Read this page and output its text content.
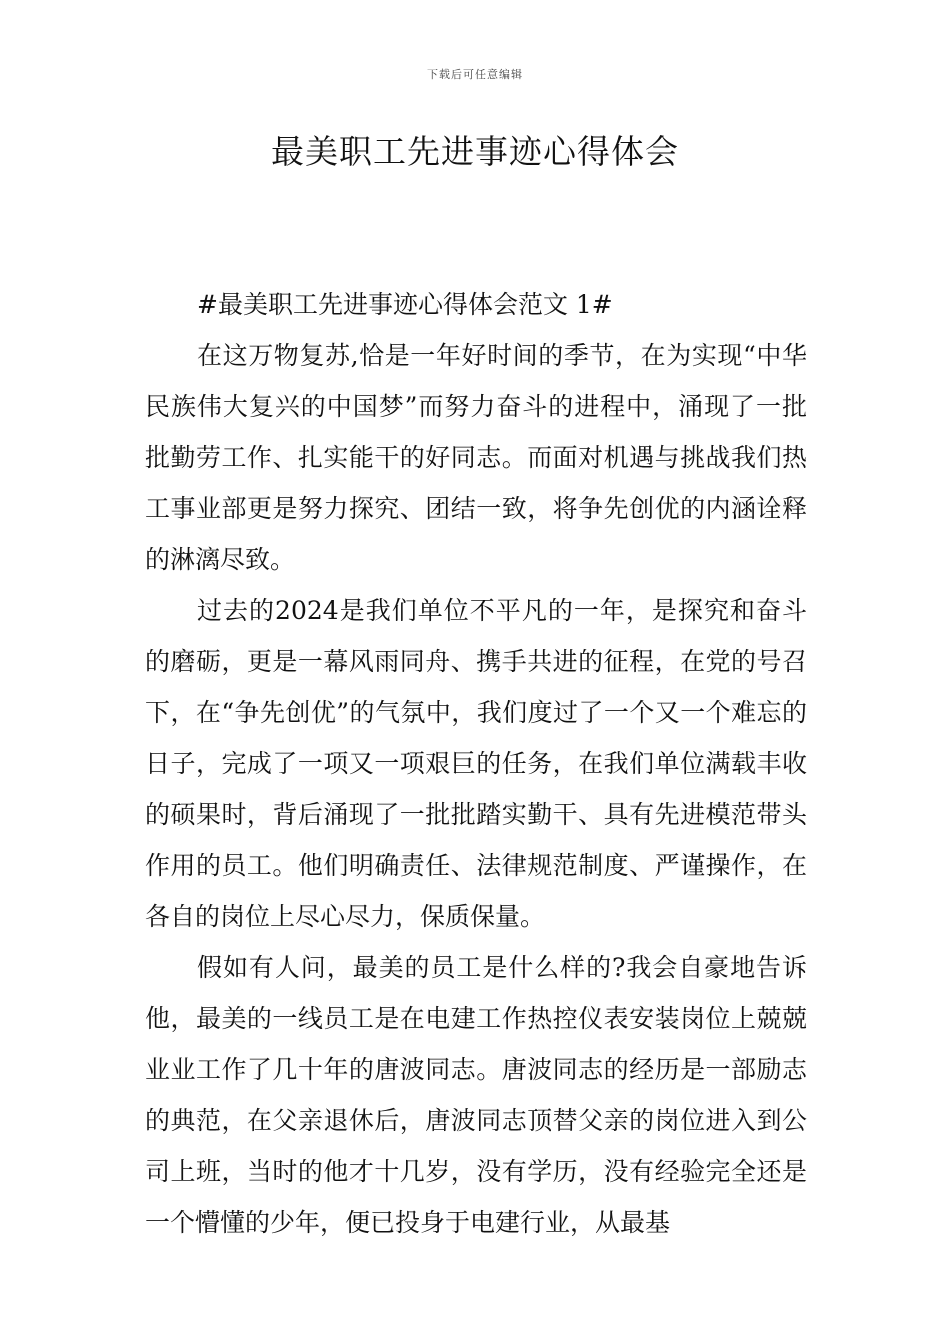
下载后可任意编辑
最美职工先进事迹心得体会

#最美职工先进事迹心得体会范文 1#

在这万物复苏,恰是一年好时间的季节，在为实现“中华民族伟大复兴的中国梦”而努力奋斗的进程中，涌现了一批批勤劳工作、扎实能干的好同志。而面对机遇与挑战我们热工事业部更是努力探究、团结一致，将争先创优的内涵诠释的淋漓尽致。

过去的2024是我们单位不平凡的一年，是探究和奋斗的磨砺，更是一幕风雨同舟、携手共进的征程，在党的号召下，在“争先创优”的气氛中，我们度过了一个又一个难忘的日子，完成了一项又一项艰巨的任务，在我们单位满载丰收的硕果时，背后涌现了一批批踏实勤干、具有先进模范带头作用的员工。他们明确责任、法律规范制度、严谨操作，在各自的岗位上尽心尽力，保质保量。

假如有人问，最美的员工是什么样的?我会自豪地告诉他，最美的一线员工是在电建工作热控仪表安装岗位上兢兢业业工作了几十年的唐波同志。唐波同志的经历是一部励志的典范，在父亲退休后，唐波同志顶替父亲的岗位进入到公司上班，当时的他才十几岁，没有学历，没有经验完全还是一个懵懂的少年，便已投身于电建行业，从最基
